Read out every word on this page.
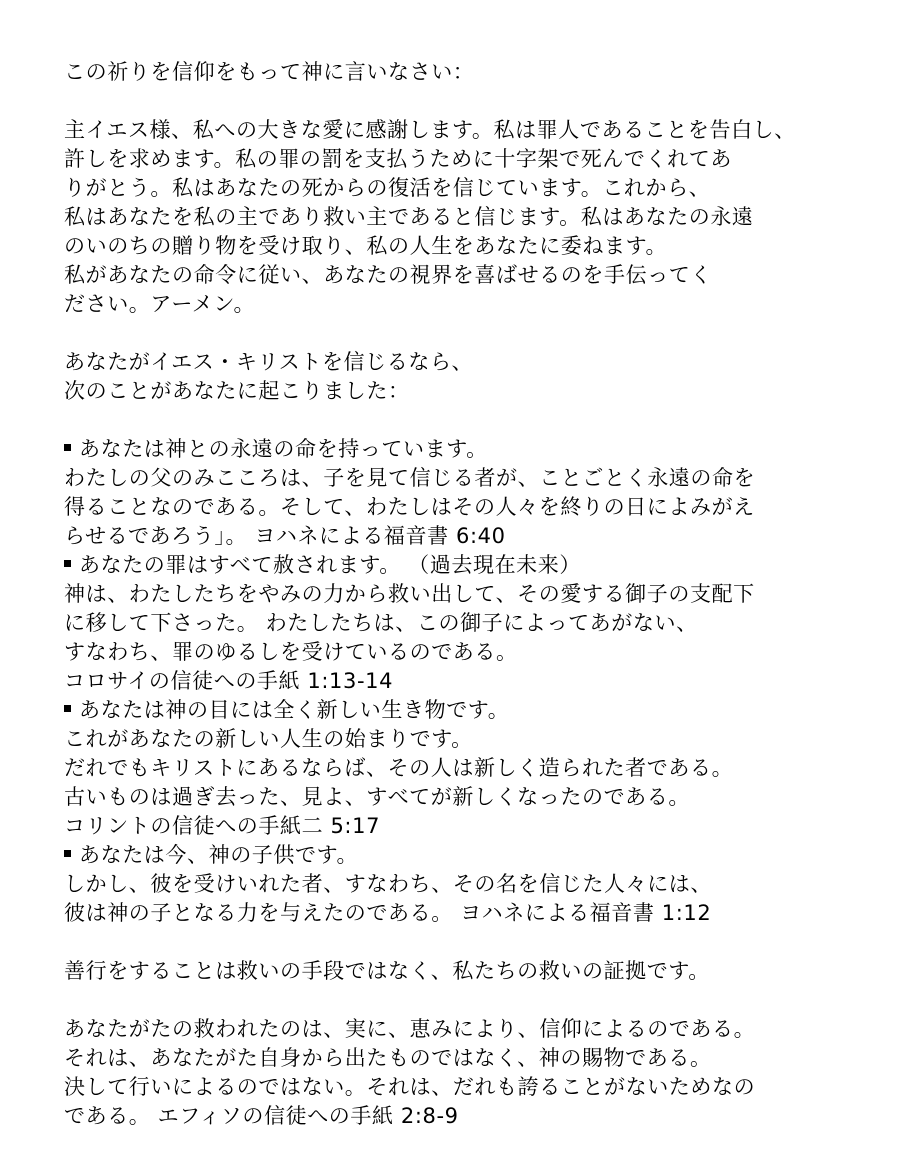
この祈りを信仰をもって神に言いなさい：
主イエス様、私への大きな愛に感謝します。私は罪人であることを告白し、
許しを求めます。私の罪の罰を支払うために十字架で死んでくれてあ
りがとう。私はあなたの死からの復活を信じています。これから、
私はあなたを私の主であり救い主であると信じます。私はあなたの永遠
のいのちの贈り物を受け取り、私の人生をあなたに委ねます。
私があなたの命令に従い、あなたの視界を喜ばせるのを手伝ってく
ださい。アーメン。
あなたがイエス・キリストを信じるなら、
次のことがあなたに起こりました：
あなたは神との永遠の命を持っています。
わたしの父のみこころは、子を見て信じる者が、ことごとく永遠の命を
得ることなのである。そして、わたしはその人々を終りの日によみがえ
らせるであろう」。 ヨハネによる福音書 6:40
あなたの罪はすべて赦されます。 （過去現在未来）
神は、わたしたちをやみの力から救い出して、その愛する御子の支配下
に移して下さった。 わたしたちは、この御子によってあがない、
すなわち、罪のゆるしを受けているのである。
コロサイの信徒への手紙 1:13-14
あなたは神の目には全く新しい生き物です。
これがあなたの新しい人生の始まりです。
だれでもキリストにあるならば、その人は新しく造られた者である。
古いものは過ぎ去った、見よ、すべてが新しくなったのである。
コリントの信徒への手紙二 5:17
あなたは今、神の子供です。
しかし、彼を受けいれた者、すなわち、その名を信じた人々には、
彼は神の子となる力を与えたのである。 ヨハネによる福音書 1:12
善行をすることは救いの手段ではなく、私たちの救いの証拠です。
あなたがたの救われたのは、実に、恵みにより、信仰によるのである。
それは、あなたがた自身から出たものではなく、神の賜物である。
決して行いによるのではない。それは、だれも誇ることがないためなの
である。 エフィソの信徒への手紙 2:8-9
